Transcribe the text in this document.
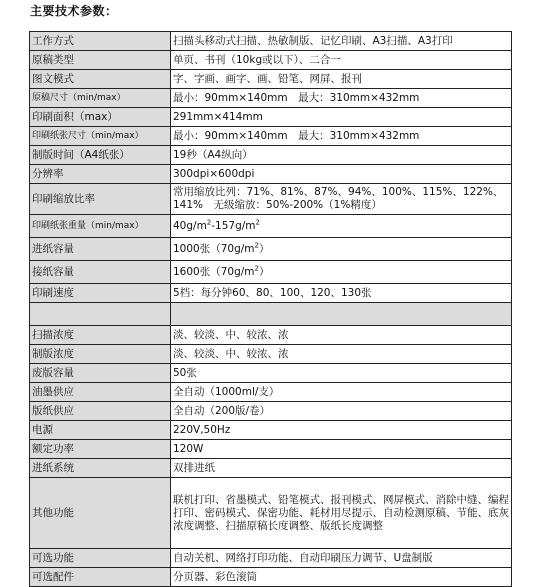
主要技术参数：
工作方式	扫描头移动式扫描、热敏制版、记忆印刷、A3扫描、A3打印
原稿类型	单页、书刊（10kg或以下）、二合一
图文模式	字、字画、画字、画、铅笔、网屏、报刊
原稿尺寸（min/max）	最小：90mm×140mm　最大：310mm×432mm
印刷面积（max）	291mm×414mm
印刷纸张尺寸（min/max）	最小：90mm×140mm　最大：310mm×432mm
制版时间（A4纸张）	19秒（A4纵向）
分辨率	300dpi×600dpi
印刷缩放比率	常用缩放比列：71%、81%、87%、94%、100%、115%、122%、141%　无级缩放：50%-200%（1%精度）
印刷纸张重量（min/max）	$40g/m^2-157g/m^2$
进纸容量	1000张$(70g/m^2)$
接纸容量	1600张$(70g/m^2)$
印刷速度	5档：每分钟60、80、100、120、130张

扫描浓度	淡、较淡、中、较浓、浓
制版浓度	淡、较淡、中、较浓、浓
废版容量	50张
油墨供应	全自动（1000ml/支）
版纸供应	全自动（200版/卷）
电源	220V,50Hz
额定功率	120W
进纸系统	双排进纸
其他功能	联机打印、省墨模式、铅笔模式、报刊模式、网屏模式、消除中缝、编程打印、密码模式、保密功能、耗材用尽提示、自动检测原稿、节能、底灰浓度调整、扫描原稿长度调整、版纸长度调整
可选功能	自动关机、网络打印功能、自动印刷压力调节、U盘制版
可选配件	分页器、彩色滚筒
